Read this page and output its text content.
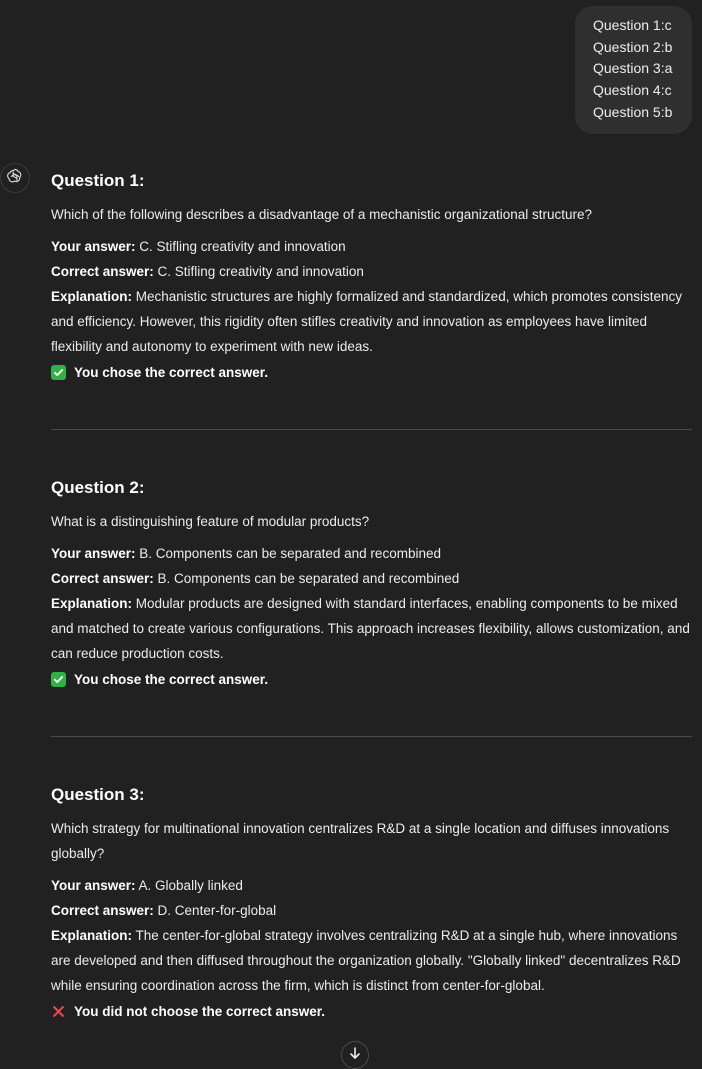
Question 1:c
Question 2:b
Question 3:a
Question 4:c
Question 5:b
Question 1:
Which of the following describes a disadvantage of a mechanistic organizational structure?

Your answer: C. Stifling creativity and innovation

Correct answer: C. Stifling creativity and innovation

Explanation: Mechanistic structures are highly formalized and standardized, which promotes consistency and efficiency. However, this rigidity often stifles creativity and innovation as employees have limited flexibility and autonomy to experiment with new ideas.

You chose the correct answer.
Question 2:
What is a distinguishing feature of modular products?

Your answer: B. Components can be separated and recombined

Correct answer: B. Components can be separated and recombined

Explanation: Modular products are designed with standard interfaces, enabling components to be mixed and matched to create various configurations. This approach increases flexibility, allows customization, and can reduce production costs.

You chose the correct answer.
Question 3:
Which strategy for multinational innovation centralizes R&D at a single location and diffuses innovations globally?

Your answer: A. Globally linked

Correct answer: D. Center-for-global

Explanation: The center-for-global strategy involves centralizing R&D at a single hub, where innovations are developed and then diffused throughout the organization globally. "Globally linked" decentralizes R&D while ensuring coordination across the firm, which is distinct from center-for-global.

You did not choose the correct answer.
